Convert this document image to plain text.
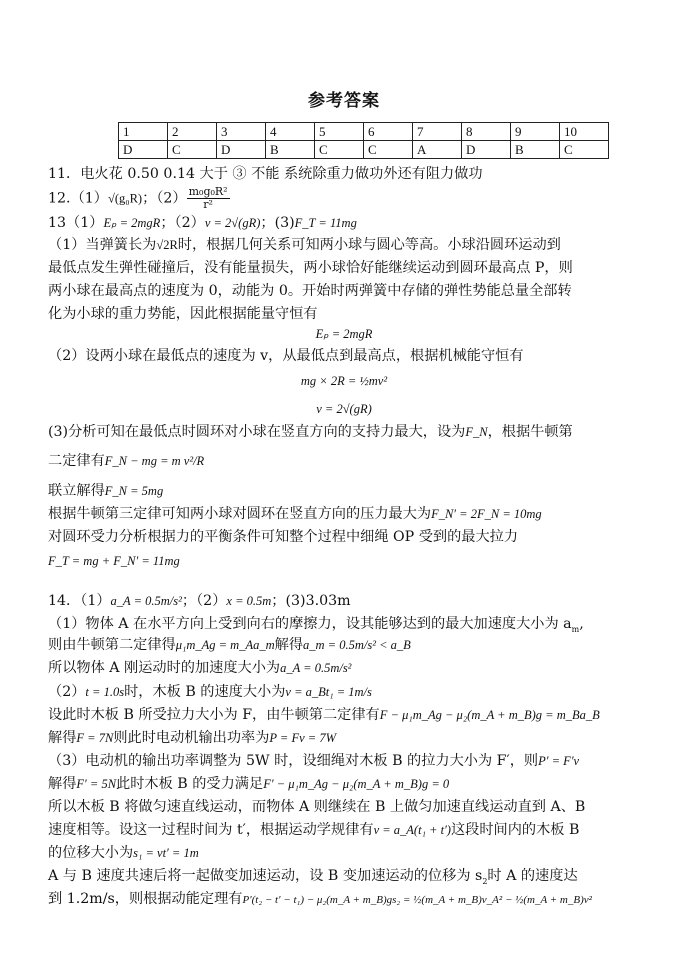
参考答案
1	2	3	4	5	6	7	8	9	10
D	C	D	B	C	C	A	D	B	C
11．电火花 0.50 0.14 大于 ③ 不能 系统除重力做功外还有阻力做功
12.（1）√(g₀R)；$(2) \frac{\text{m₀g₀R²}}{\text{r²}}$
13（1）Eₚ = 2mgR；（2）v = 2√(gR)；(3)F_T = 11mg
（1）当弹簧长为√2R时，根据几何关系可知两小球与圆心等高。小球沿圆环运动到
最低点发生弹性碰撞后，没有能量损失，两小球恰好能继续运动到圆环最高点 P，则
两小球在最高点的速度为 0，动能为 0。开始时两弹簧中存储的弹性势能总量全部转
化为小球的重力势能，因此根据能量守恒有
Eₚ = 2mgR
（2）设两小球在最低点的速度为 v，从最低点到最高点，根据机械能守恒有
mg × 2R = ½mv²
v = 2√(gR)
(3)分析可知在最低点时圆环对小球在竖直方向的支持力最大，设为F_N，根据牛顿第
二定律有F_N − mg = m v²/R
联立解得F_N = 5mg
根据牛顿第三定律可知两小球对圆环在竖直方向的压力最大为F_N′ = 2F_N = 10mg
对圆环受力分析根据力的平衡条件可知整个过程中细绳 OP 受到的最大拉力
F_T = mg + F_N′ = 11mg
14．（1）a_A = 0.5m/s²；（2）x = 0.5m；(3)3.03m
（1）物体 A 在水平方向上受到向右的摩擦力，设其能够达到的最大加速度大小为 $a_m$,
则由牛顿第二定律得μ₁m_Ag = m_Aa_m解得a_m = 0.5m/s² < a_B
所以物体 A 刚运动时的加速度大小为a_A = 0.5m/s²
（2）t = 1.0s时，木板 B 的速度大小为v = a_Bt₁ = 1m/s
设此时木板 B 所受拉力大小为 F，由牛顿第二定律有F − μ₁m_Ag − μ₂(m_A + m_B)g = m_Ba_B
解得F = 7N则此时电动机输出功率为P = Fv = 7W
（3）电动机的输出功率调整为 5W 时，设细绳对木板 B 的拉力大小为 F′，则P′ = F′v
解得F′ = 5N此时木板 B 的受力满足F′ − μ₁m_Ag − μ₂(m_A + m_B)g = 0
所以木板 B 将做匀速直线运动，而物体 A 则继续在 B 上做匀加速直线运动直到 A、B
速度相等。设这一过程时间为 t′，根据运动学规律有v = a_A(t₁ + t′)这段时间内的木板 B
的位移大小为s₁ = vt′ = 1m
A 与 B 速度共速后将一起做变加速运动，设 B 变加速运动的位移为 $s_2$时 A 的速度达
到 1.2m/s，则根据动能定理有P′(t₂ − t′ − t₁) − μ₂(m_A + m_B)gs₂ = ½(m_A + m_B)v_A² − ½(m_A + m_B)v²
